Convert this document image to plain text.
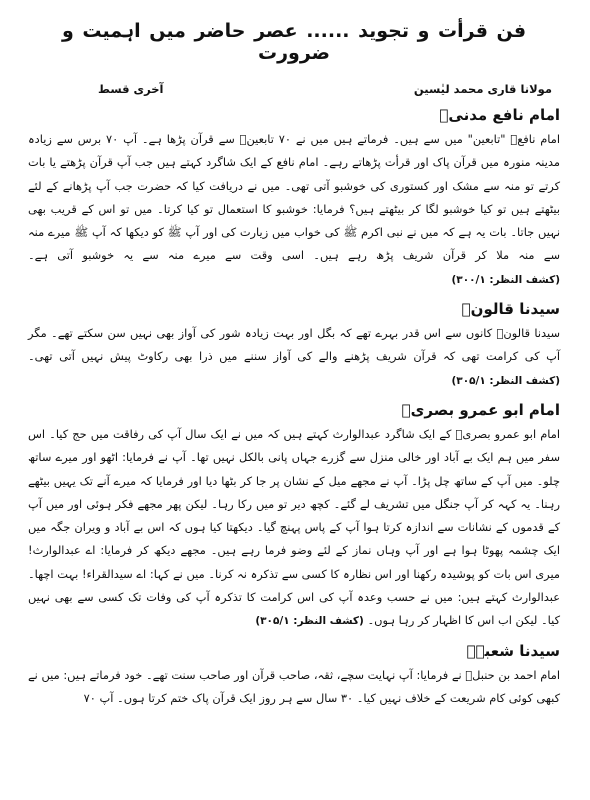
فن قرأت و تجوید ...... عصر حاضر میں اہمیت و ضرورت
مولانا قاری محمد لیٰسین
آخری قسط
امام نافع مدنیؒ

امام نافعؒ "تابعین" میں سے ہیں۔ فرماتے ہیں میں نے ۷۰ تابعینؒ سے قرآن پڑھا ہے۔ آپ ۷۰ برس سے زیادہ مدینہ منورہ میں قرآن پاک اور قرأت پڑھاتے رہے۔ امام نافع کے ایک شاگرد کہتے ہیں جب آپ قرآن پڑھتے یا بات کرتے تو منہ سے مشک اور کستوری کی خوشبو آتی تھی۔ میں نے دریافت کیا کہ حضرت جب آپ پڑھانے کے لئے بیٹھتے ہیں تو کیا خوشبو لگا کر بیٹھتے ہیں؟ فرمایا: خوشبو کا استعمال تو کیا کرتا۔ میں تو اس کے قریب بھی نہیں جاتا۔ بات یہ ہے کہ میں نے نبی اکرم ﷺ کی خواب میں زیارت کی اور آپ ﷺ کو دیکھا کہ آپ ﷺ میرے منہ سے منہ ملا کر قرآن شریف پڑھ رہے ہیں۔ اسی وقت سے میرے منہ سے یہ خوشبو آتی ہے۔ (کشف النظر: ۳۰۰/۱)

سیدنا قالونؒ

سیدنا قالونؒ کانوں سے اس قدر بہرے تھے کہ بگل اور بہت زیادہ شور کی آواز بھی نہیں سن سکتے تھے۔ مگر آپ کی کرامت تھی کہ قرآن شریف پڑھنے والے کی آواز سننے میں ذرا بھی رکاوٹ پیش نہیں آتی تھی۔ (کشف النظر: ۳۰۵/۱)

امام ابو عمرو بصریؒ

امام ابو عمرو بصریؒ کے ایک شاگرد عبدالوارث کہتے ہیں کہ میں نے ایک سال آپ کی رفاقت میں حج کیا۔ اس سفر میں ہم ایک بے آباد اور خالی منزل سے گزرے جہاں پانی بالکل نہیں تھا۔ آپ نے فرمایا: اٹھو اور میرے ساتھ چلو۔ میں آپ کے ساتھ چل پڑا۔ آپ نے مجھے میل کے نشان پر جا کر بٹھا دیا اور فرمایا کہ میرے آنے تک یہیں بیٹھے رہنا۔ یہ کہہ کر آپ جنگل میں تشریف لے گئے۔ کچھ دیر تو میں رکا رہا۔ لیکن پھر مجھے فکر ہوئی اور میں آپ کے قدموں کے نشانات سے اندازہ کرتا ہوا آپ کے پاس پہنچ گیا۔ دیکھتا کیا ہوں کہ اس بے آباد و ویران جگہ میں ایک چشمہ پھوٹا ہوا ہے اور آپ وہاں نماز کے لئے وضو فرما رہے ہیں۔ مجھے دیکھ کر فرمایا: اے عبدالوارث! میری اس بات کو پوشیدہ رکھنا اور اس نظارہ کا کسی سے تذکرہ نہ کرنا۔ میں نے کہا: اے سیدالقراء! بہت اچھا۔ عبدالوارث کہتے ہیں: میں نے حسب وعدہ آپ کی اس کرامت کا تذکرہ آپ کی وفات تک کسی سے بھی نہیں کیا۔ لیکن اب اس کا اظہار کر رہا ہوں۔ (کشف النظر: ۳۰۵/۱)

سیدنا شعبہؒ

امام احمد بن حنبلؒ نے فرمایا: آپ نہایت سچے، ثقہ، صاحب قرآن اور صاحب سنت تھے۔ خود فرماتے ہیں: میں نے کبھی کوئی کام شریعت کے خلاف نہیں کیا۔ ۳۰ سال سے ہر روز ایک قرآن پاک ختم کرتا ہوں۔ آپ ۷۰
